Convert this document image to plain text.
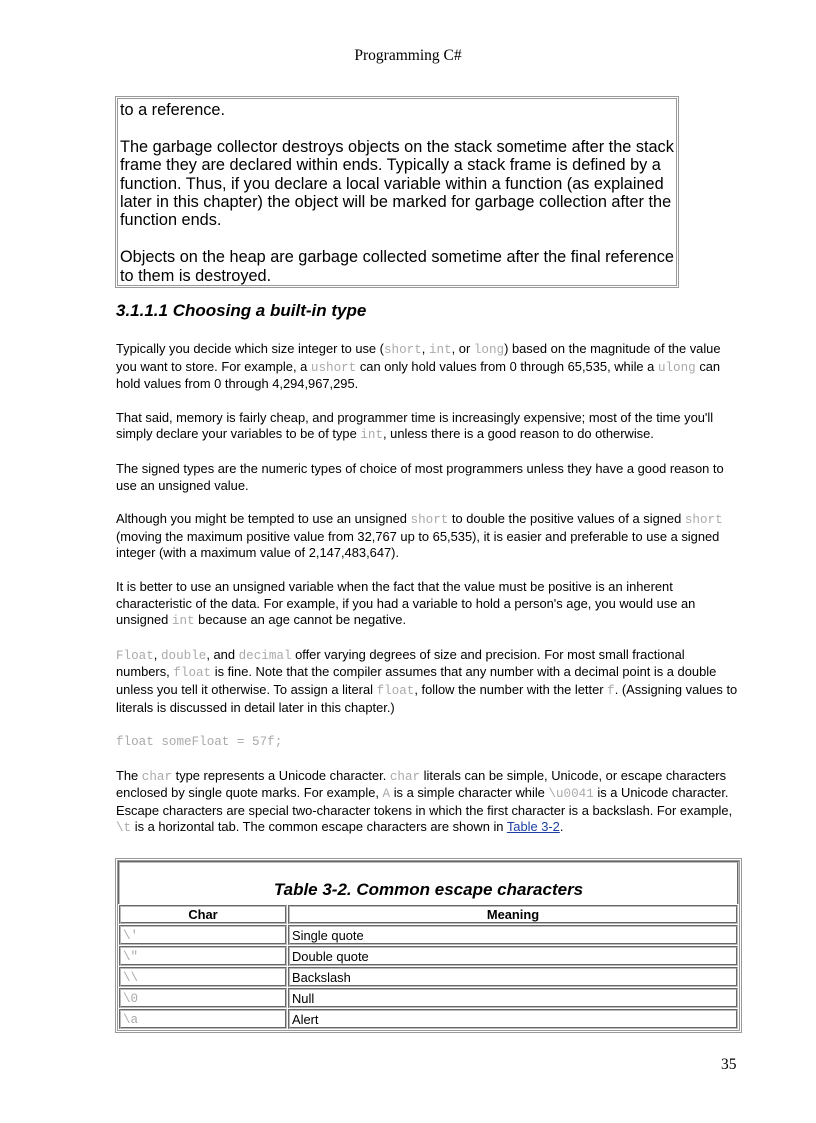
Programming C#

to a reference.

The garbage collector destroys objects on the stack sometime after the stack frame they are declared within ends. Typically a stack frame is defined by a function. Thus, if you declare a local variable within a function (as explained later in this chapter) the object will be marked for garbage collection after the function ends.

Objects on the heap are garbage collected sometime after the final reference to them is destroyed.

3.1.1.1 Choosing a built-in type

Typically you decide which size integer to use (short, int, or long) based on the magnitude of the value you want to store. For example, a ushort can only hold values from 0 through 65,535, while a ulong can hold values from 0 through 4,294,967,295.

That said, memory is fairly cheap, and programmer time is increasingly expensive; most of the time you'll simply declare your variables to be of type int, unless there is a good reason to do otherwise.

The signed types are the numeric types of choice of most programmers unless they have a good reason to use an unsigned value.

Although you might be tempted to use an unsigned short to double the positive values of a signed short (moving the maximum positive value from 32,767 up to 65,535), it is easier and preferable to use a signed integer (with a maximum value of 2,147,483,647).

It is better to use an unsigned variable when the fact that the value must be positive is an inherent characteristic of the data. For example, if you had a variable to hold a person's age, you would use an unsigned int because an age cannot be negative.

Float, double, and decimal offer varying degrees of size and precision. For most small fractional numbers, float is fine. Note that the compiler assumes that any number with a decimal point is a double unless you tell it otherwise. To assign a literal float, follow the number with the letter f. (Assigning values to literals is discussed in detail later in this chapter.)

float someFloat = 57f;

The char type represents a Unicode character. char literals can be simple, Unicode, or escape characters enclosed by single quote marks. For example, A is a simple character while \u0041 is a Unicode character. Escape characters are special two-character tokens in which the first character is a backslash. For example, \t is a horizontal tab. The common escape characters are shown in Table 3-2.

Table 3-2. Common escape characters
Char	Meaning
\'	Single quote
\"	Double quote
\\	Backslash
\0	Null
\a	Alert
35
